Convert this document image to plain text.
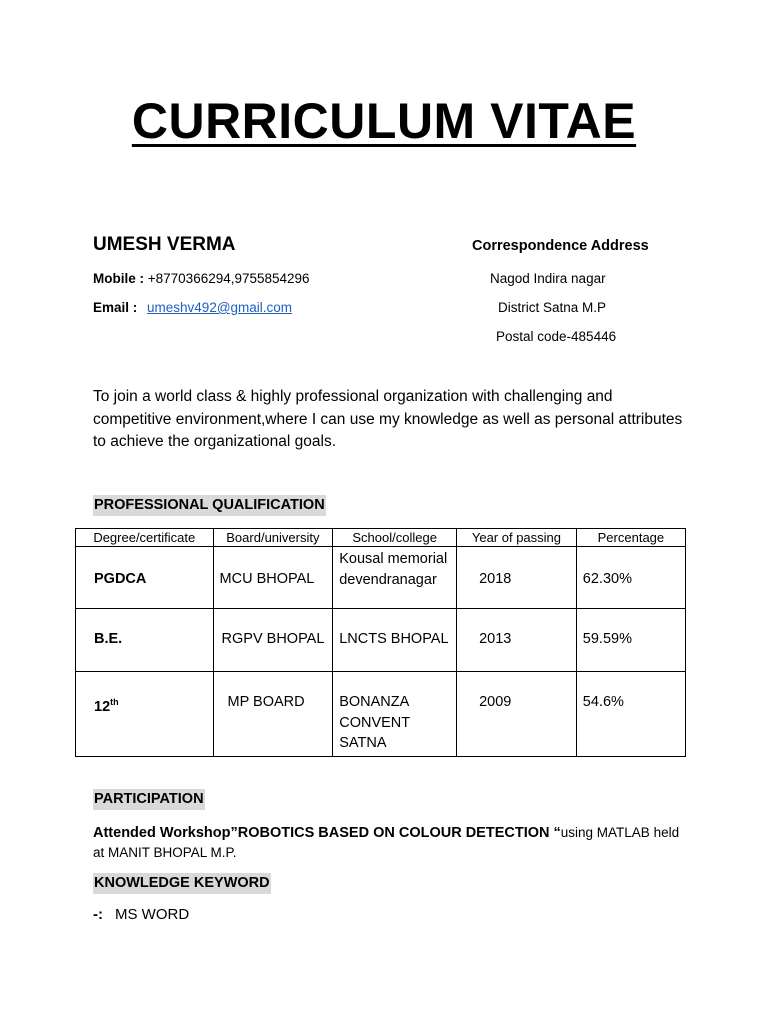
CURRICULUM VITAE
UMESH VERMA
Mobile : +8770366294,9755854296
Email : umeshv492@gmail.com
Correspondence Address
Nagod Indira nagar
District Satna M.P
Postal code-485446
To join a world class & highly professional organization with challenging and competitive environment,where I can use my knowledge as well as personal attributes to achieve the organizational goals.
PROFESSIONAL QUALIFICATION
Degree/certificate	Board/university	School/college	Year of passing	Percentage
PGDCA	MCU BHOPAL	Kousal memorial devendranagar	2018	62.30%
B.E.	RGPV BHOPAL	LNCTS BHOPAL	2013	59.59%
12th	MP BOARD	BONANZA CONVENT SATNA	2009	54.6%
PARTICIPATION
Attended Workshop”ROBOTICS BASED ON COLOUR DETECTION “using MATLAB held at MANIT BHOPAL M.P.
KNOWLEDGE KEYWORD
-: MS WORD
